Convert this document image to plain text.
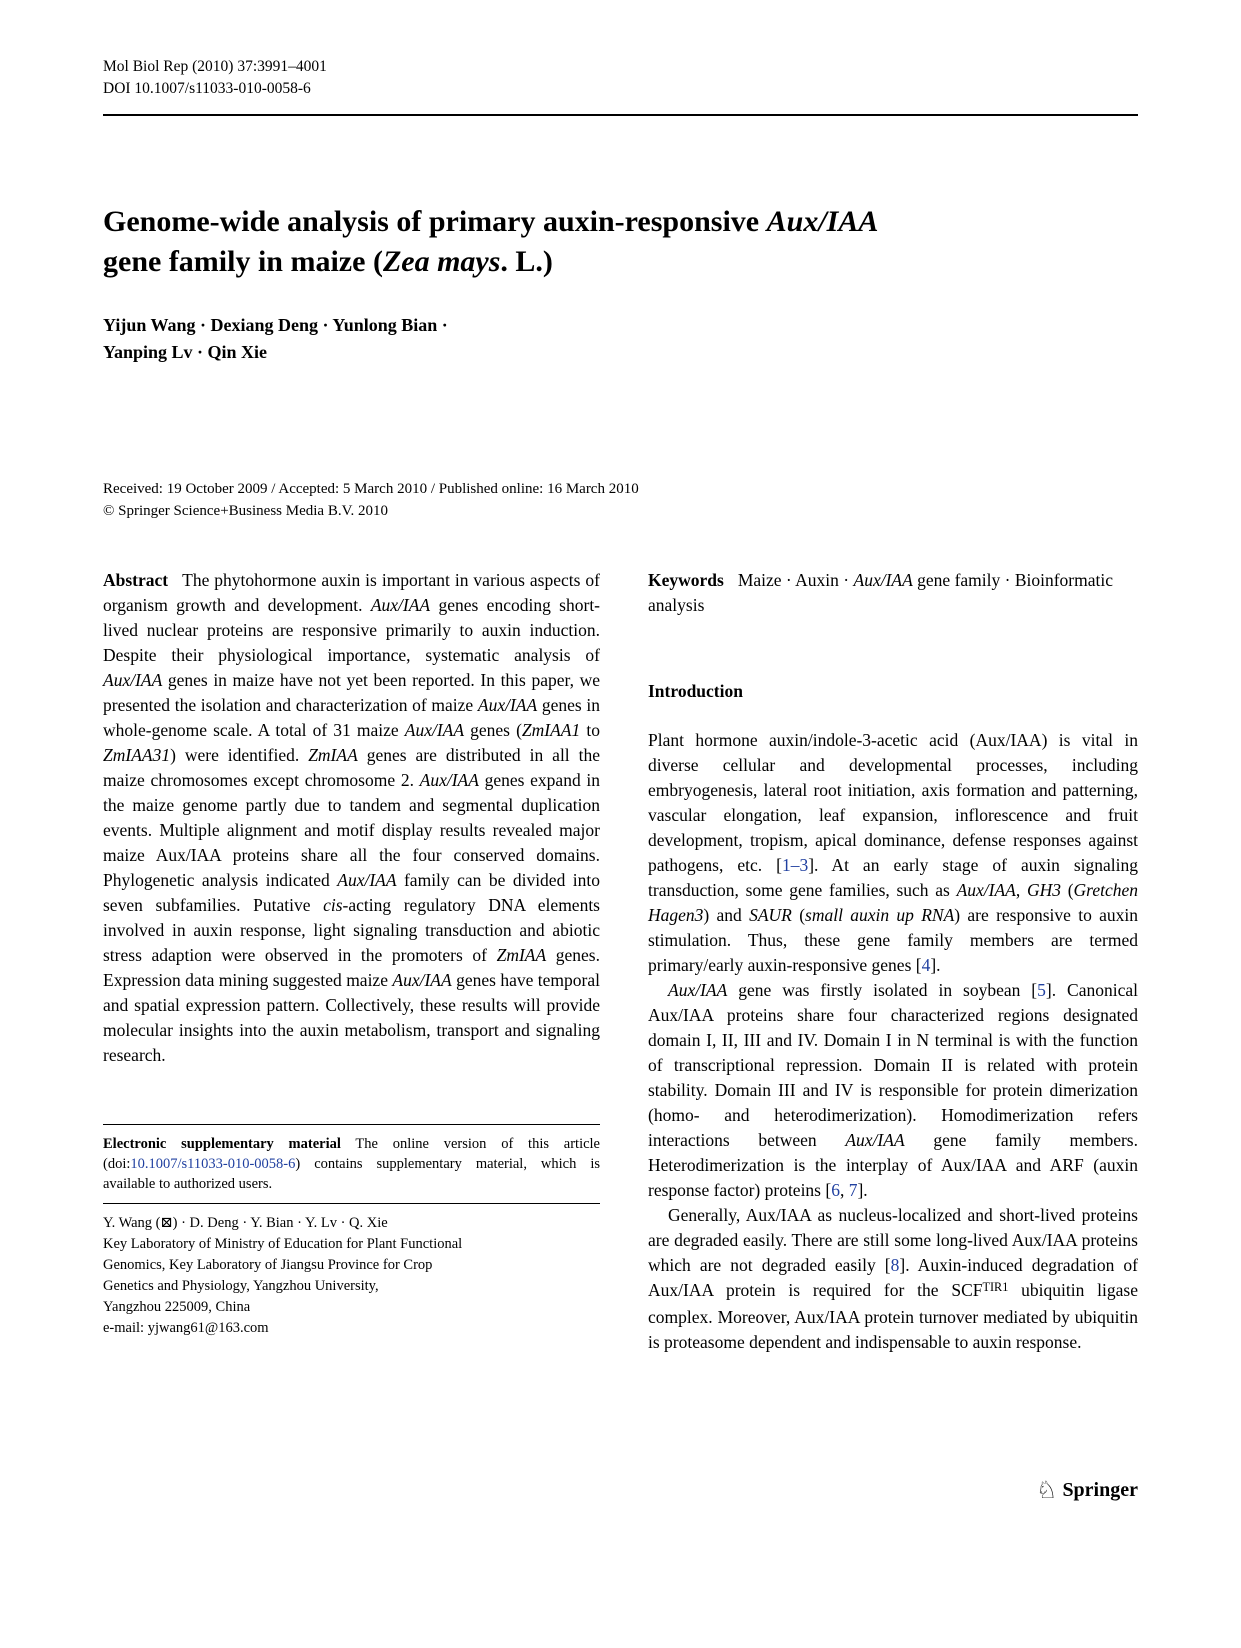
Mol Biol Rep (2010) 37:3991–4001
DOI 10.1007/s11033-010-0058-6
Genome-wide analysis of primary auxin-responsive Aux/IAA
gene family in maize (Zea mays. L.)
Yijun Wang · Dexiang Deng · Yunlong Bian ·
Yanping Lv · Qin Xie
Received: 19 October 2009 / Accepted: 5 March 2010 / Published online: 16 March 2010
© Springer Science+Business Media B.V. 2010

Abstract The phytohormone auxin is important in various aspects of organism growth and development. Aux/IAA genes encoding short-lived nuclear proteins are responsive primarily to auxin induction. Despite their physiological importance, systematic analysis of Aux/IAA genes in maize have not yet been reported. In this paper, we presented the isolation and characterization of maize Aux/IAA genes in whole-genome scale. A total of 31 maize Aux/IAA genes (ZmIAA1 to ZmIAA31) were identified. ZmIAA genes are distributed in all the maize chromosomes except chromosome 2. Aux/IAA genes expand in the maize genome partly due to tandem and segmental duplication events. Multiple alignment and motif display results revealed major maize Aux/IAA proteins share all the four conserved domains. Phylogenetic analysis indicated Aux/IAA family can be divided into seven subfamilies. Putative cis-acting regulatory DNA elements involved in auxin response, light signaling transduction and abiotic stress adaption were observed in the promoters of ZmIAA genes. Expression data mining suggested maize Aux/IAA genes have temporal and spatial expression pattern. Collectively, these results will provide molecular insights into the auxin metabolism, transport and signaling research.

Electronic supplementary material The online version of this article (doi:10.1007/s11033-010-0058-6) contains supplementary material, which is available to authorized users.
Y. Wang (⊠) · D. Deng · Y. Bian · Y. Lv · Q. Xie
Key Laboratory of Ministry of Education for Plant Functional
Genomics, Key Laboratory of Jiangsu Province for Crop
Genetics and Physiology, Yangzhou University,
Yangzhou 225009, China
e-mail: yjwang61@163.com

Keywords Maize · Auxin · Aux/IAA gene family · Bioinformatic analysis

Introduction

Plant hormone auxin/indole-3-acetic acid (Aux/IAA) is vital in diverse cellular and developmental processes, including embryogenesis, lateral root initiation, axis formation and patterning, vascular elongation, leaf expansion, inflorescence and fruit development, tropism, apical dominance, defense responses against pathogens, etc. [1–3]. At an early stage of auxin signaling transduction, some gene families, such as Aux/IAA, GH3 (Gretchen Hagen3) and SAUR (small auxin up RNA) are responsive to auxin stimulation. Thus, these gene family members are termed primary/early auxin-responsive genes [4].

Aux/IAA gene was firstly isolated in soybean [5]. Canonical Aux/IAA proteins share four characterized regions designated domain I, II, III and IV. Domain I in N terminal is with the function of transcriptional repression. Domain II is related with protein stability. Domain III and IV is responsible for protein dimerization (homo- and heterodimerization). Homodimerization refers interactions between Aux/IAA gene family members. Heterodimerization is the interplay of Aux/IAA and ARF (auxin response factor) proteins [6, 7].

Generally, Aux/IAA as nucleus-localized and short-lived proteins are degraded easily. There are still some long-lived Aux/IAA proteins which are not degraded easily [8]. Auxin-induced degradation of Aux/IAA protein is required for the $SCF^{TIR1}$ ubiquitin ligase complex. Moreover, Aux/IAA protein turnover mediated by ubiquitin is proteasome dependent and indispensable to auxin response.

♘ Springer
